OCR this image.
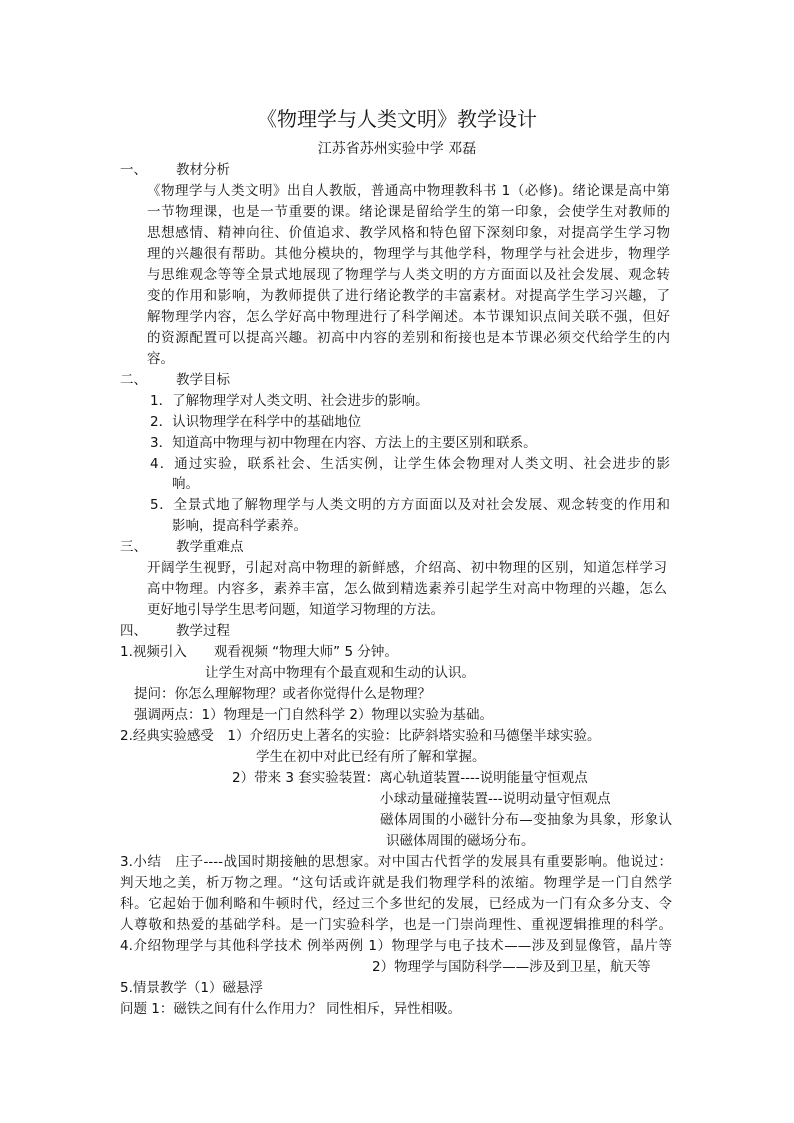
《物理学与人类文明》教学设计
江苏省苏州实验中学 邓磊
一、 教材分析
《物理学与人类文明》出自人教版，普通高中物理教科书 1（必修)。绪论课是高中第
一节物理课，也是一节重要的课。绪论课是留给学生的第一印象，会使学生对教师的
思想感情、精神向往、价值追求、教学风格和特色留下深刻印象，对提高学生学习物
理的兴趣很有帮助。其他分模块的，物理学与其他学科，物理学与社会进步，物理学
与思维观念等等全景式地展现了物理学与人类文明的方方面面以及社会发展、观念转
变的作用和影响，为教师提供了进行绪论教学的丰富素材。对提高学生学习兴趣，了
解物理学内容，怎么学好高中物理进行了科学阐述。本节课知识点间关联不强，但好
的资源配置可以提高兴趣。初高中内容的差别和衔接也是本节课必须交代给学生的内
容。
二、 教学目标
1．了解物理学对人类文明、社会进步的影响。
2．认识物理学在科学中的基础地位
3．知道高中物理与初中物理在内容、方法上的主要区别和联系。
4．通过实验，联系社会、生活实例，让学生体会物理对人类文明、社会进步的影
响。
5．全景式地了解物理学与人类文明的方方面面以及对社会发展、观念转变的作用和
影响，提高科学素养。
三、 教学重难点
开阔学生视野，引起对高中物理的新鲜感，介绍高、初中物理的区别，知道怎样学习
高中物理。内容多，素养丰富，怎么做到精选素养引起学生对高中物理的兴趣，怎么
更好地引导学生思考问题，知道学习物理的方法。
四、 教学过程
1.视频引入　　观看视频 “物理大师” 5 分钟。
让学生对高中物理有个最直观和生动的认识。
提问：你怎么理解物理？或者你觉得什么是物理？
强调两点：1）物理是一门自然科学 2）物理以实验为基础。
2.经典实验感受　1）介绍历史上著名的实验：比萨斜塔实验和马德堡半球实验。
学生在初中对此已经有所了解和掌握。
2）带来 3 套实验装置：离心轨道装置----说明能量守恒观点
小球动量碰撞装置---说明动量守恒观点
磁体周围的小磁针分布—变抽象为具象，形象认
识磁体周围的磁场分布。
3.小结　庄子----战国时期接触的思想家。对中国古代哲学的发展具有重要影响。他说过：
判天地之美，析万物之理。“这句话或许就是我们物理学科的浓缩。物理学是一门自然学
科。它起始于伽利略和牛顿时代，经过三个多世纪的发展，已经成为一门有众多分支、令
人尊敬和热爱的基础学科。是一门实验科学，也是一门崇尚理性、重视逻辑推理的科学。
4.介绍物理学与其他科学技术 例举两例 1）物理学与电子技术——涉及到显像管，晶片等
2）物理学与国防科学——涉及到卫星，航天等
5.情景教学（1）磁悬浮
问题 1：磁铁之间有什么作用力？ 同性相斥，异性相吸。
